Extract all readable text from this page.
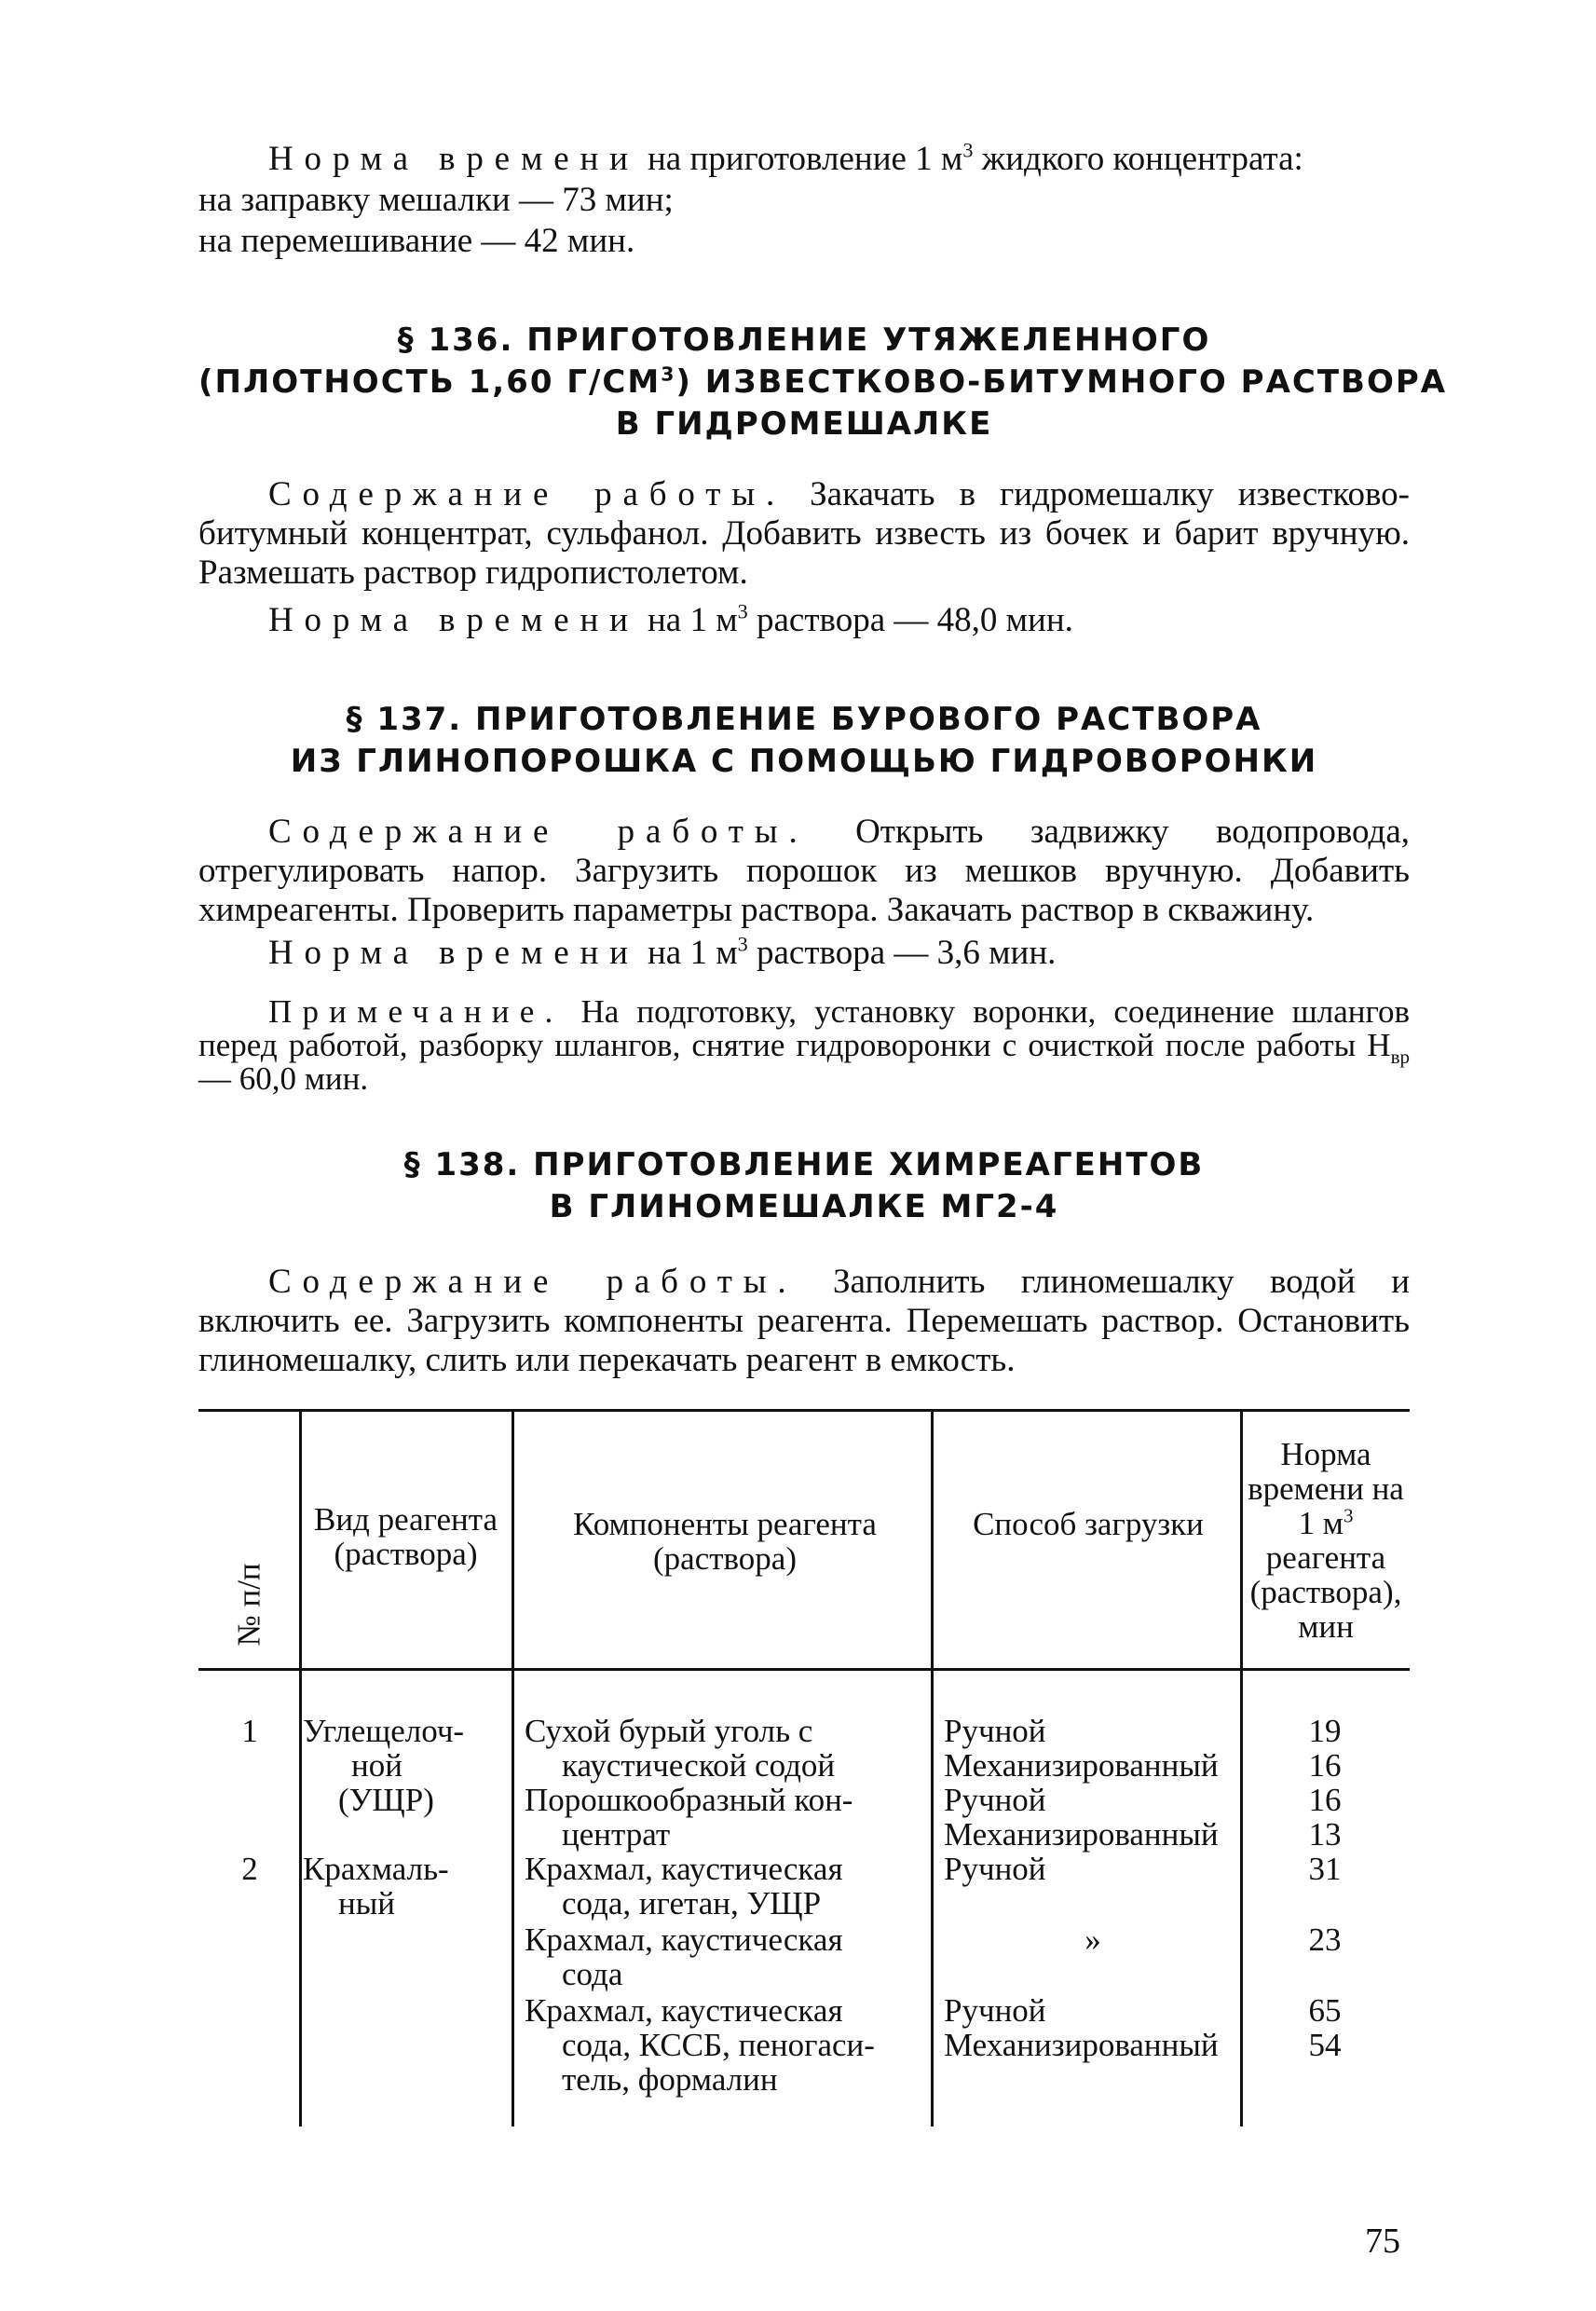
Норма времени на приготовление 1 $м^3$ жидкого концентрата:
на заправку мешалки — 73 мин;
на перемешивание — 42 мин.
§ 136. ПРИГОТОВЛЕНИЕ УТЯЖЕЛЕННОГО
(ПЛОТНОСТЬ 1,60 $Г/СМ^3$) ИЗВЕСТКОВО-БИТУМНОГО РАСТВОРА
В ГИДРОМЕШАЛКЕ
Содержание работы. Закачать в гидромешалку известково-битумный концентрат, сульфанол. Добавить известь из бочек и барит вручную. Размешать раствор гидропистолетом.
Норма времени на 1 $м^3$ раствора — 48,0 мин.
§ 137. ПРИГОТОВЛЕНИЕ БУРОВОГО РАСТВОРА
ИЗ ГЛИНОПОРОШКА С ПОМОЩЬЮ ГИДРОВОРОНКИ
Содержание работы. Открыть задвижку водопровода, отрегулировать напор. Загрузить порошок из мешков вручную. Добавить химреагенты. Проверить параметры раствора. Закачать раствор в скважину.
Норма времени на 1 $м^3$ раствора — 3,6 мин.
Примечание. На подготовку, установку воронки, соединение шлангов перед работой, разборку шлангов, снятие гидроворонки с очисткой после работы $Н_{вр}$ — 60,0 мин.
§ 138. ПРИГОТОВЛЕНИЕ ХИМРЕАГЕНТОВ
В ГЛИНОМЕШАЛКЕ МГ2-4
Содержание работы. Заполнить глиномешалку водой и включить ее. Загрузить компоненты реагента. Перемешать раствор. Остановить глиномешалку, слить или перекачать реагент в емкость.
№ п/п
Вид реагента (раствора)
Компоненты реагента (раствора)
Способ загрузки
Норма времени на 1 $м^3$ реагента (раствора), мин
1	Углещелоч-
ной
(УЩР)
Сухой бурый уголь с
каустической содой
Порошкообразный кон-
центрат
Ручной
Механизированный
Ручной
Механизированный
19
16
16
13
2	Крахмаль-
ный
Крахмал, каустическая
сода, игетан, УЩР
Крахмал, каустическая
сода
Крахмал, каустическая
сода, КССБ, пеногаси-
тель, формалин
Ручной
»
Ручной
Механизированный
31
23
65
54
75
